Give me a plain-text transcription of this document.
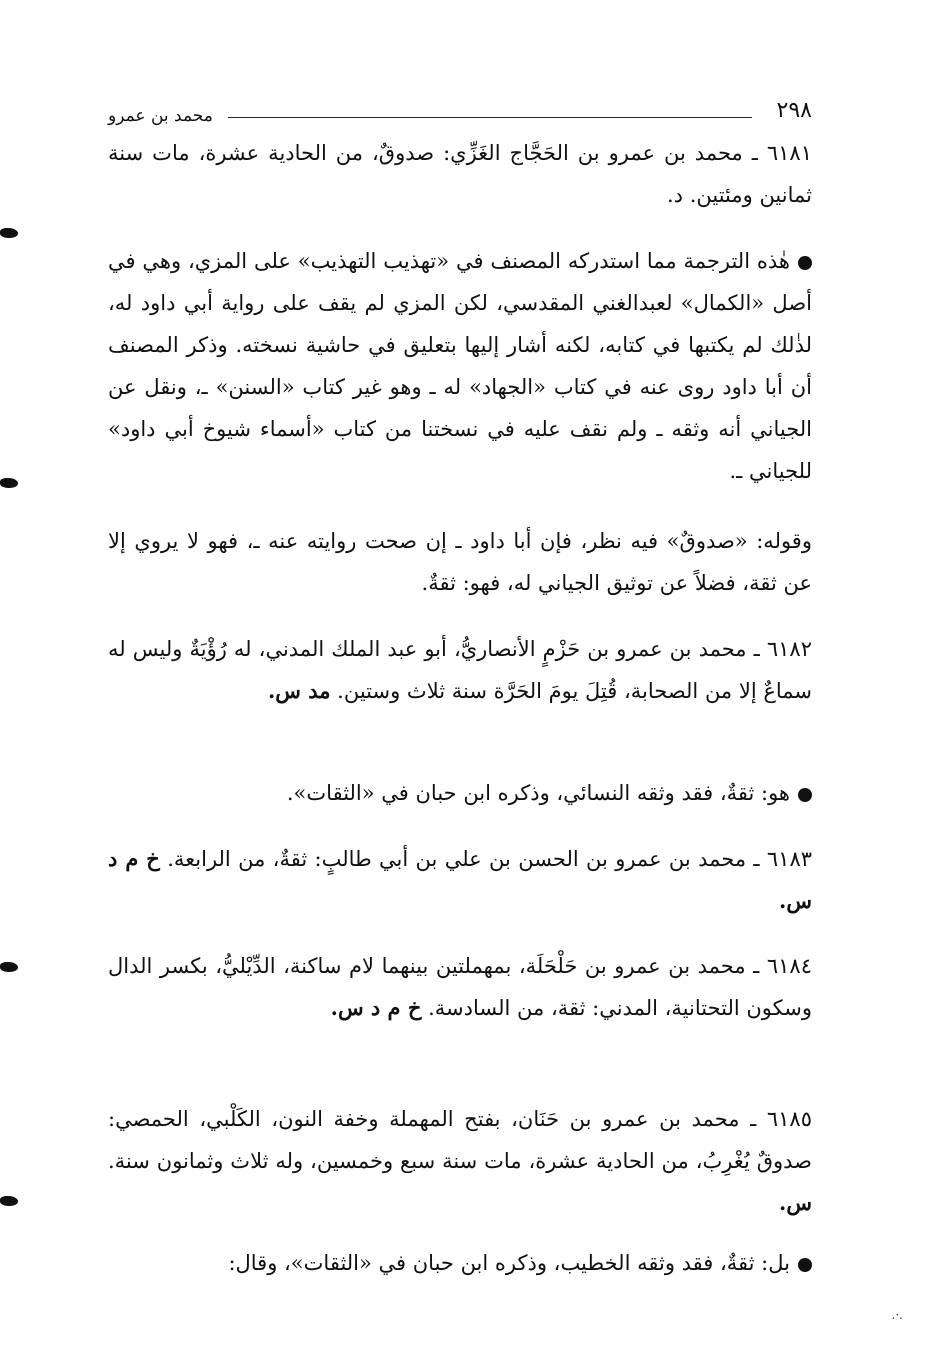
٢٩٨
محمد بن عمرو

٦١٨١ ـ محمد بن عمرو بن الحَجَّاج الغَزِّي: صدوقٌ، من الحادية عشرة، مات سنة ثمانين ومئتين. د.

هٰذه الترجمة مما استدركه المصنف في «تهذيب التهذيب» على المزي، وهي في أصل «الكمال» لعبدالغني المقدسي، لكن المزي لم يقف على رواية أبي داود له، لذٰلك لم يكتبها في كتابه، لكنه أشار إليها بتعليق في حاشية نسخته. وذكر المصنف أن أبا داود روى عنه في كتاب «الجهاد» له ـ وهو غير كتاب «السنن» ـ، ونقل عن الجياني أنه وثقه ـ ولم نقف عليه في نسختنا من كتاب «أسماء شيوخ أبي داود» للجياني ـ.

وقوله: «صدوقٌ» فيه نظر، فإن أبا داود ـ إن صحت روايته عنه ـ، فهو لا يروي إلا عن ثقة، فضلاً عن توثيق الجياني له، فهو: ثقةٌ.

٦١٨٢ ـ محمد بن عمرو بن حَزْمٍ الأنصاريُّ، أبو عبد الملك المدني، له رُؤْيَةٌ وليس له سماعٌ إلا من الصحابة، قُتِلَ يومَ الحَرَّة سنة ثلاث وستين. مد س.

هو: ثقةٌ، فقد وثقه النسائي، وذكره ابن حبان في «الثقات».

٦١٨٣ ـ محمد بن عمرو بن الحسن بن علي بن أبي طالبٍ: ثقةٌ، من الرابعة. خ م د س.

٦١٨٤ ـ محمد بن عمرو بن حَلْحَلَة، بمهملتين بينهما لام ساكنة، الدِّيْليُّ، بكسر الدال وسكون التحتانية، المدني: ثقة، من السادسة. خ م د س.

٦١٨٥ ـ محمد بن عمرو بن حَنَان، بفتح المهملة وخفة النون، الكَلْبي، الحمصي: صدوقٌ يُغْرِبُ، من الحادية عشرة، مات سنة سبع وخمسين، وله ثلاث وثمانون سنة. س.

بل: ثقةٌ، فقد وثقه الخطيب، وذكره ابن حبان في «الثقات»، وقال:

.·.
